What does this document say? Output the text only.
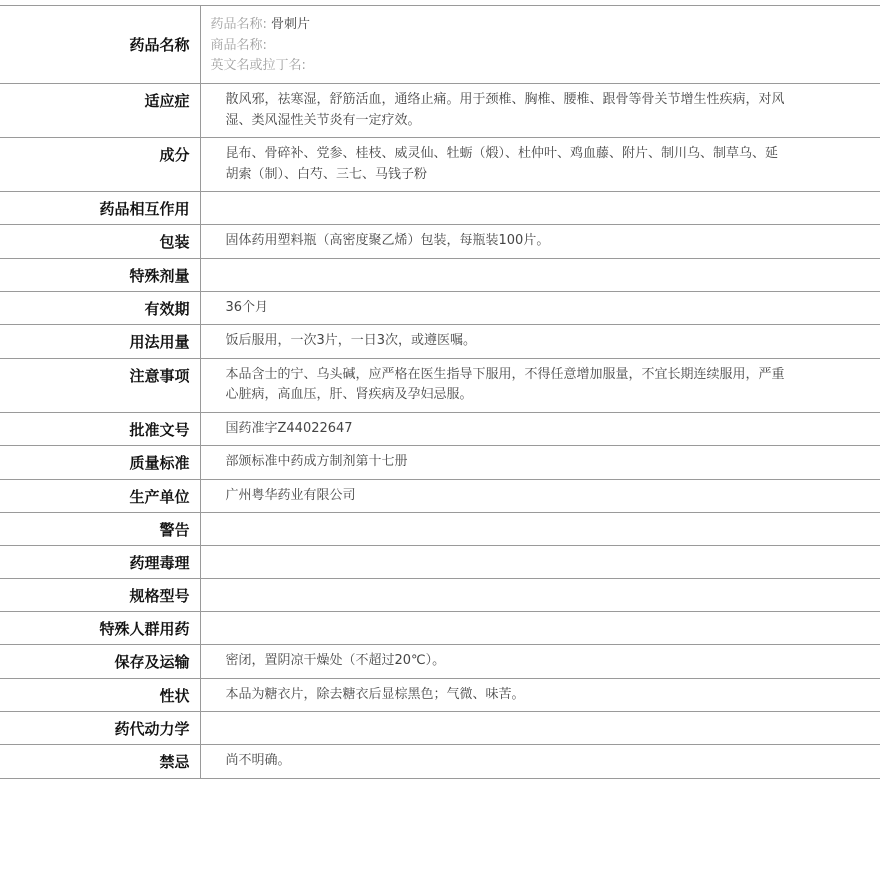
药品名称	药品名称: 骨刺片
商品名称:
英文名或拉丁名:

适应症	散风邪，祛寒湿，舒筋活血，通络止痛。用于颈椎、胸椎、腰椎、跟骨等骨关节增生性疾病，对风湿、类风湿性关节炎有一定疗效。

成分	昆布、骨碎补、党参、桂枝、威灵仙、牡蛎（煅）、杜仲叶、鸡血藤、附片、制川乌、制草乌、延胡索（制）、白芍、三七、马钱子粉

药品相互作用	

包装	固体药用塑料瓶（高密度聚乙烯）包装，每瓶装100片。

特殊剂量	

有效期	36个月

用法用量	饭后服用，一次3片，一日3次，或遵医嘱。

注意事项	本品含士的宁、乌头碱，应严格在医生指导下服用，不得任意增加服量，不宜长期连续服用，严重心脏病，高血压，肝、肾疾病及孕妇忌服。

批准文号	国药准字Z44022647

质量标准	部颁标准中药成方制剂第十七册

生产单位	广州粤华药业有限公司

警告	

药理毒理	

规格型号	

特殊人群用药	

保存及运输	密闭，置阴凉干燥处（不超过20℃）。

性状	本品为糖衣片，除去糖衣后显棕黑色；气微、味苦。

药代动力学	

禁忌	尚不明确。
